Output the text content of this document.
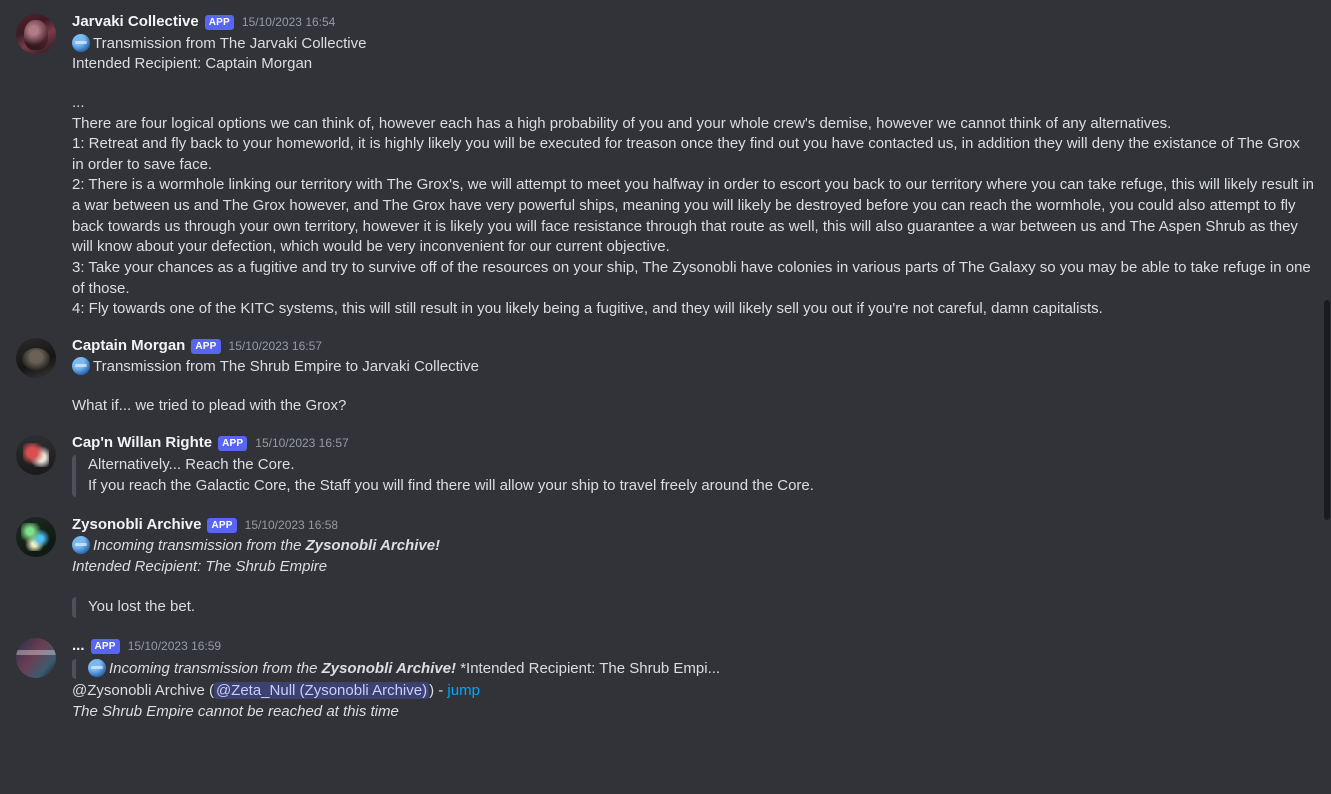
Jarvaki Collective	APP	15/10/2023 16:54
Transmission from The Jarvaki Collective
Intended Recipient: Captain Morgan
...
There are four logical options we can think of, however each has a high probability of you and your whole crew's demise, however we cannot think of any alternatives.
1: Retreat and fly back to your homeworld, it is highly likely you will be executed for treason once they find out you have contacted us, in addition they will deny the existance of The Grox in order to save face.
2: There is a wormhole linking our territory with The Grox's, we will attempt to meet you halfway in order to escort you back to our territory where you can take refuge, this will likely result in a war between us and The Grox however, and The Grox have very powerful ships, meaning you will likely be destroyed before you can reach the wormhole, you could also attempt to fly back towards us through your own territory, however it is likely you will face resistance through that route as well, this will also guarantee a war between us and The Aspen Shrub as they will know about your defection, which would be very inconvenient for our current objective.
3: Take your chances as a fugitive and try to survive off of the resources on your ship, The Zysonobli have colonies in various parts of The Galaxy so you may be able to take refuge in one of those.
4: Fly towards one of the KITC systems, this will still result in you likely being a fugitive, and they will likely sell you out if you're not careful, damn capitalists.
Captain Morgan	APP	15/10/2023 16:57
Transmission from The Shrub Empire to Jarvaki Collective
What if... we tried to plead with the Grox?
Cap'n Willan Righte	APP	15/10/2023 16:57
Alternatively... Reach the Core.
If you reach the Galactic Core, the Staff you will find there will allow your ship to travel freely around the Core.
Zysonobli Archive	APP	15/10/2023 16:58
Incoming transmission from the Zysonobli Archive!
Intended Recipient: The Shrub Empire
You lost the bet.
...	APP	15/10/2023 16:59
Incoming transmission from the Zysonobli Archive! *Intended Recipient: The Shrub Empi...
@Zysonobli Archive ( @Zeta_Null (Zysonobli Archive) ) - jump
The Shrub Empire cannot be reached at this time
